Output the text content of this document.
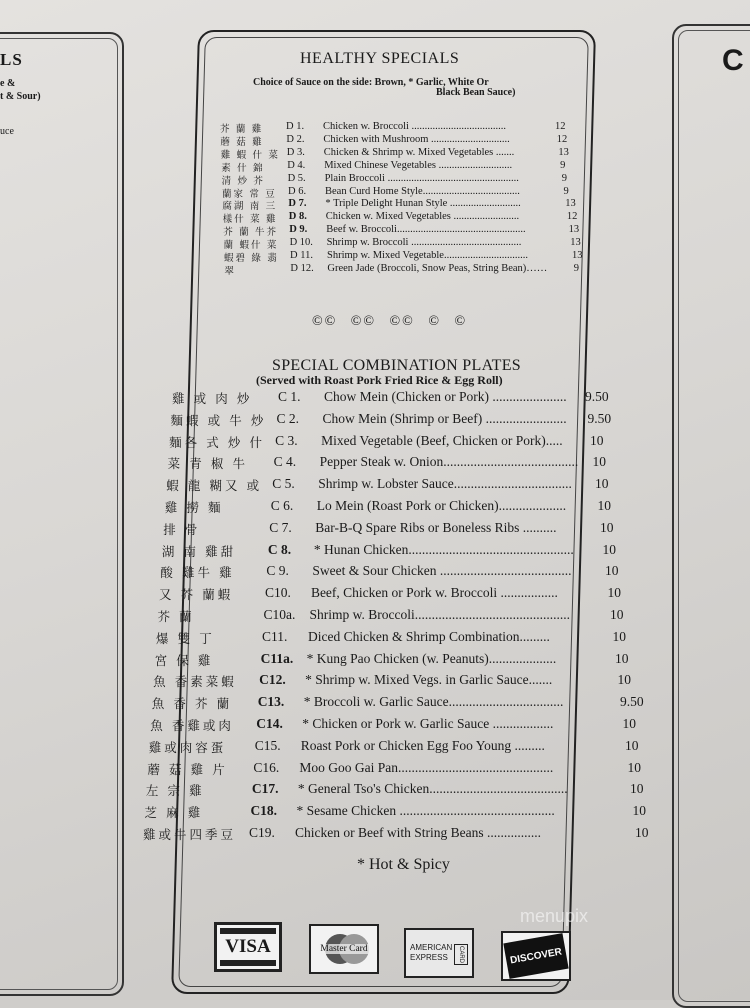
LS
e &
t & Sour)
uce
C
HEALTHY SPECIALS
Choice of Sauce on the side: Brown, * Garlic, White Or
Black Bean Sauce)
芥 蘭 雞	D 1.	Chicken w. Broccoli ....................................	12
蘑 菇 雞	D 2.	Chicken with Mushroom ..............................	12
雞 蝦 什 菜 D 3.	Chicken & Shrimp w. Mixed Vegetables .......	13
素 什 錦	D 4.	Mixed Chinese Vegetables ............................	9
清 炒 芥	D 5.	Plain Broccoli ..................................................	9
蘭家 常 豆	D 6.	Bean Curd Home Style.....................................	9
腐湖 南 三	D 7.	* Triple Delight Hunan Style ...........................	13
樣什 菜 雞	D 8.	Chicken w. Mixed Vegetables .........................	12
芥 蘭 牛芥	D 9.	Beef w. Broccoli.................................................	13
蘭 蝦什 菜	D 10.	Shrimp w. Broccoli ..........................................	13
蝦碧 綠 翡	D 11.	Shrimp w. Mixed Vegetable................................	13
翠	D 12.	Green Jade (Broccoli, Snow Peas, String Bean)……	9
©© ©© ©© © ©
SPECIAL COMBINATION PLATES
(Served with Roast Pork Fried Rice & Egg Roll)
雞 或 肉 炒	C 1.	Chow Mein (Chicken or Pork) ...................... 9.50
麵蝦 或 牛 炒 C 2.	Chow Mein (Shrimp or Beef) ........................ 9.50
麵各 式 炒 什 C 3.	Mixed Vegetable (Beef, Chicken or Pork)..... 10
菜 青 椒 牛	C 4.	Pepper Steak w. Onion........................................ 10
蝦 龍 糊又 或 C 5.	Shrimp w. Lobster Sauce................................... 10
雞 撈 麵	C 6.	Lo Mein (Roast Pork or Chicken).................... 10
排 骨	C 7.	Bar-B-Q Spare Ribs or Boneless Ribs ..........	10
湖 南 雞甜	C 8.	* Hunan Chicken................................................. 10
酸 雞牛 雞	C 9.	Sweet & Sour Chicken ....................................... 10
又 芥 蘭蝦	C10.	Beef, Chicken or Pork w. Broccoli .................	10
芥 蘭	C10a.	Shrimp w. Broccoli..............................................	10
爆 雙 丁	C11.	Diced Chicken & Shrimp Combination.........	10
宮 保 雞	C11a. * Kung Pao Chicken (w. Peanuts)....................	10
魚 香素菜蝦	C12.	* Shrimp w. Mixed Vegs. in Garlic Sauce.......	10
魚 香 芥 蘭	C13.	* Broccoli w. Garlic Sauce..................................	9.50
魚 香雞或肉	C14.	* Chicken or Pork w. Garlic Sauce ..................	10
雞或肉容蛋	C15.	Roast Pork or Chicken Egg Foo Young .........	10
蘑 菇 雞 片	C16.	Moo Goo Gai Pan..............................................	10
左 宗 雞	C17.	* General Tso's Chicken.........................................	10
芝 麻 雞	C18.	* Sesame Chicken ..............................................	10
雞或牛四季豆 C19.	Chicken or Beef with String Beans ................	10
* Hot & Spicy
VISA	Master Card	AMERICAN
EXPRESS	CARD	DISCOVER
menupix
